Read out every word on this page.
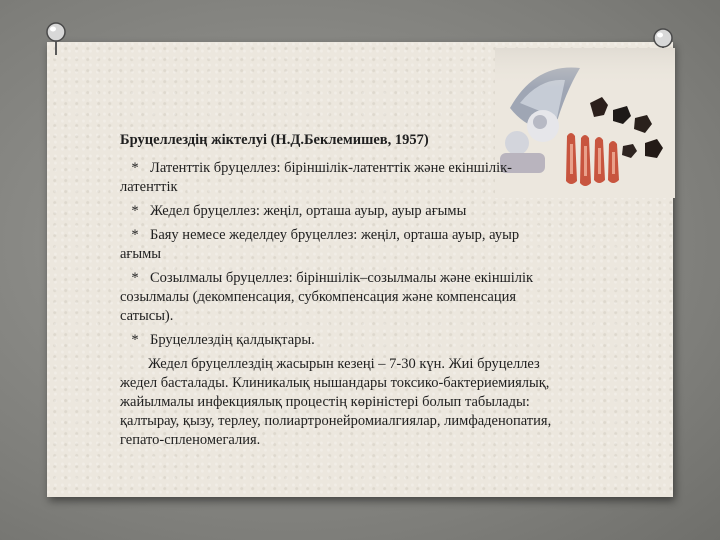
Бруцеллездің жіктелуі (Н.Д.Беклемишев, 1957)

*Латенттік бруцеллез: біріншілік-латенттік және екіншілік-латенттік

*Жедел бруцеллез: жеңіл, орташа ауыр, ауыр ағымы

*Баяу немесе жеделдеу бруцеллез: жеңіл, орташа ауыр, ауыр ағымы

*Созылмалы бруцеллез: біріншілік–созылмалы және екіншілік созылмалы (декомпенсация, субкомпенсация және компенсация сатысы).

*Бруцеллездің қалдықтары.

Жедел бруцеллездің жасырын кезеңі – 7-30 күн. Жиі бруцеллез жедел басталады. Клиникалық нышандары токсико-бактериемиялық, жайылмалы инфекциялық процестің көріністері болып табылады: қалтырау, қызу, терлеу, полиартронейромиалгиялар, лимфаденопатия, гепато-спленомегалия.
